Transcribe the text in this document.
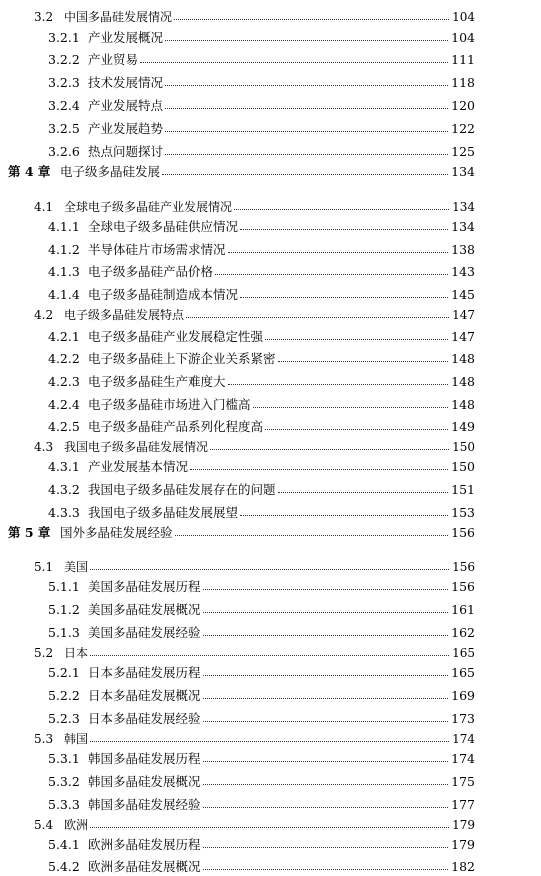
3.2 中国多晶硅发展情况	104
3.2.1 产业发展概况	104
3.2.2 产业贸易	111
3.2.3 技术发展情况	118
3.2.4 产业发展特点	120
3.2.5 产业发展趋势	122
3.2.6 热点问题探讨	125
第 4 章 电子级多晶硅发展	134
4.1 全球电子级多晶硅产业发展情况	134
4.1.1 全球电子级多晶硅供应情况	134
4.1.2 半导体硅片市场需求情况	138
4.1.3 电子级多晶硅产品价格	143
4.1.4 电子级多晶硅制造成本情况	145
4.2 电子级多晶硅发展特点	147
4.2.1 电子级多晶硅产业发展稳定性强	147
4.2.2 电子级多晶硅上下游企业关系紧密	148
4.2.3 电子级多晶硅生产难度大	148
4.2.4 电子级多晶硅市场进入门槛高	148
4.2.5 电子级多晶硅产品系列化程度高	149
4.3 我国电子级多晶硅发展情况	150
4.3.1 产业发展基本情况	150
4.3.2 我国电子级多晶硅发展存在的问题	151
4.3.3 我国电子级多晶硅发展展望	153
第 5 章 国外多晶硅发展经验	156
5.1 美国	156
5.1.1 美国多晶硅发展历程	156
5.1.2 美国多晶硅发展概况	161
5.1.3 美国多晶硅发展经验	162
5.2 日本	165
5.2.1 日本多晶硅发展历程	165
5.2.2 日本多晶硅发展概况	169
5.2.3 日本多晶硅发展经验	173
5.3 韩国	174
5.3.1 韩国多晶硅发展历程	174
5.3.2 韩国多晶硅发展概况	175
5.3.3 韩国多晶硅发展经验	177
5.4 欧洲	179
5.4.1 欧洲多晶硅发展历程	179
5.4.2 欧洲多晶硅发展概况	182
